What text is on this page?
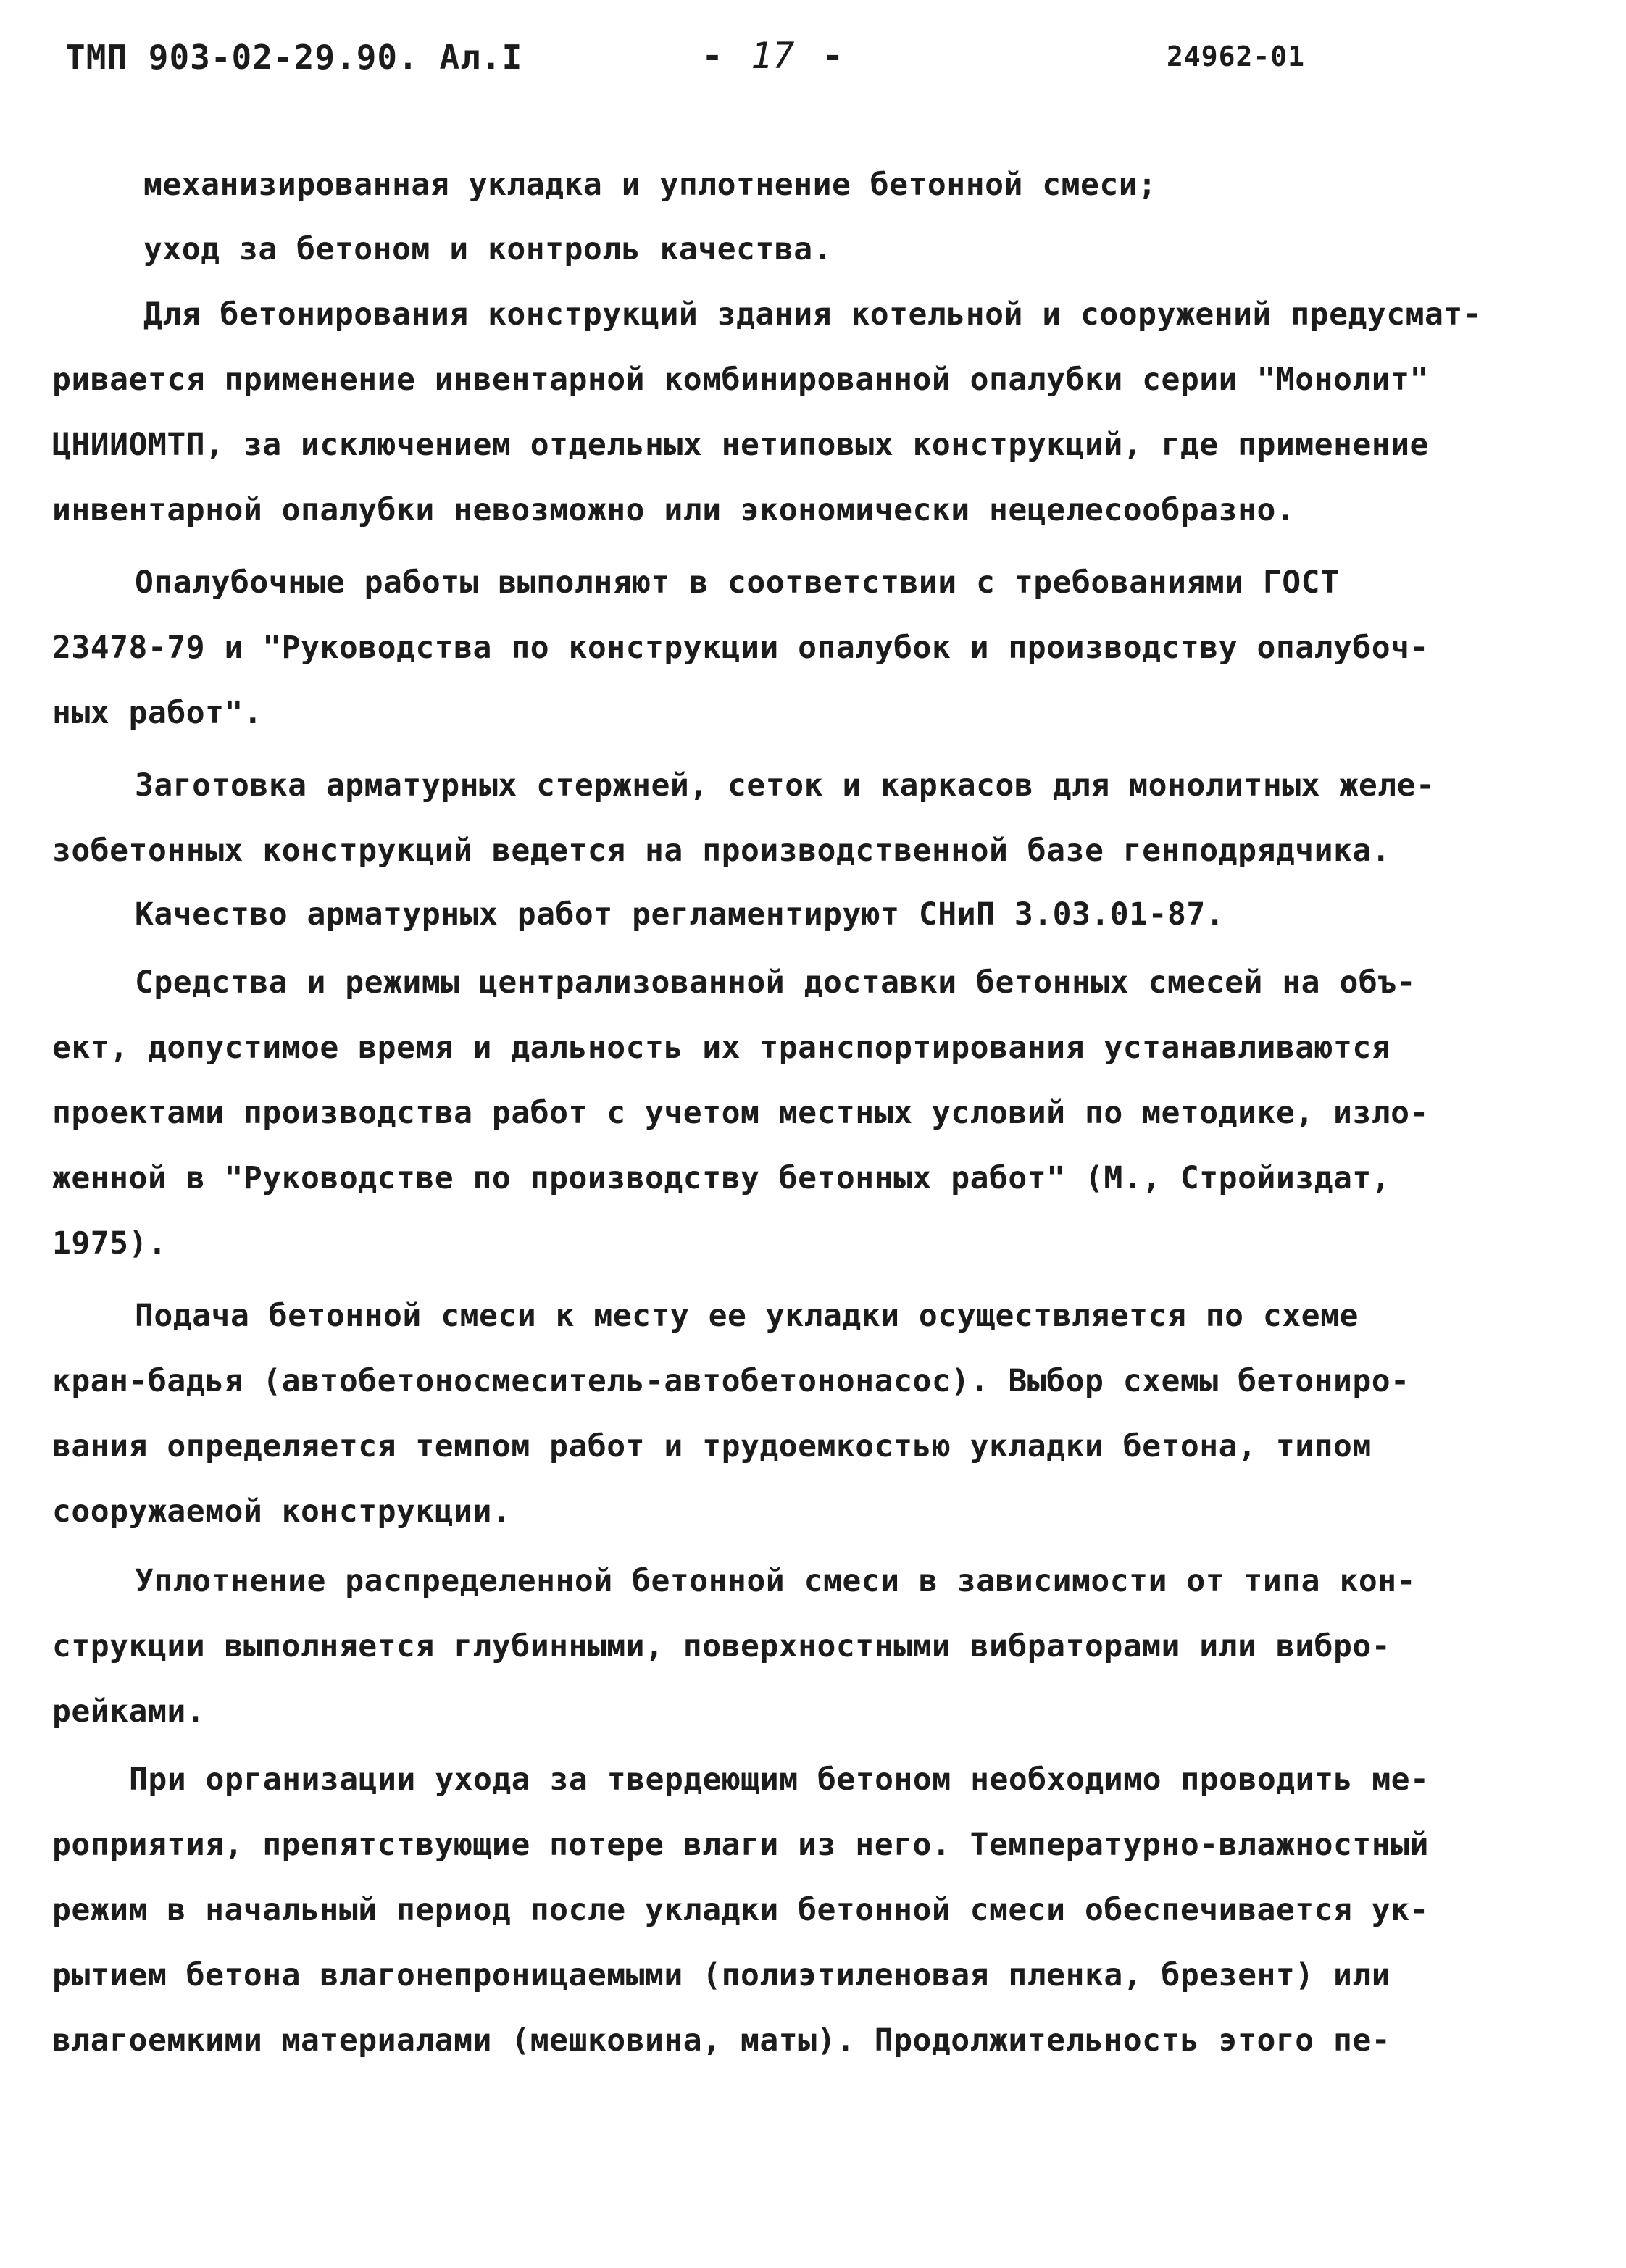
ТМП 903-02-29.90. Ал.I	- 17 -	24962-01
механизированная укладка и уплотнение бетонной смеси;
уход за бетоном и контроль качества.
Для бетонирования конструкций здания котельной и сооружений предусмат-
ривается применение инвентарной комбинированной опалубки серии "Монолит"
ЦНИИОМТП, за исключением отдельных нетиповых конструкций, где применение
инвентарной опалубки невозможно или экономически нецелесообразно.
Опалубочные работы выполняют в соответствии с требованиями ГОСТ
23478-79 и "Руководства по конструкции опалубок и производству опалубоч-
ных работ".
Заготовка арматурных стержней, сеток и каркасов для монолитных желе-
зобетонных конструкций ведется на производственной базе генподрядчика.
Качество арматурных работ регламентируют СНиП 3.03.01-87.
Средства и режимы централизованной доставки бетонных смесей на объ-
ект, допустимое время и дальность их транспортирования устанавливаются
проектами производства работ с учетом местных условий по методике, изло-
женной в "Руководстве по производству бетонных работ" (М., Стройиздат,
1975).
Подача бетонной смеси к месту ее укладки осуществляется по схеме
кран-бадья (автобетоносмеситель-автобетононасос). Выбор схемы бетониро-
вания определяется темпом работ и трудоемкостью укладки бетона, типом
сооружаемой конструкции.
Уплотнение распределенной бетонной смеси в зависимости от типа кон-
струкции выполняется глубинными, поверхностными вибраторами или вибро-
рейками.
При организации ухода за твердеющим бетоном необходимо проводить ме-
роприятия, препятствующие потере влаги из него. Температурно-влажностный
режим в начальный период после укладки бетонной смеси обеспечивается ук-
рытием бетона влагонепроницаемыми (полиэтиленовая пленка, брезент) или
влагоемкими материалами (мешковина, маты). Продолжительность этого пе-
